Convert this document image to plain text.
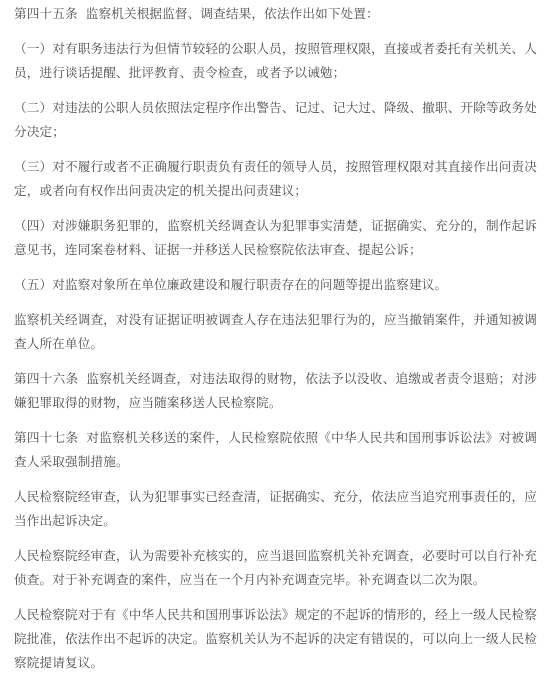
第四十五条 监察机关根据监督、调查结果，依法作出如下处置：

（一）对有职务违法行为但情节较轻的公职人员，按照管理权限，直接或者委托有关机关、人员，进行谈话提醒、批评教育、责令检查，或者予以诫勉；

（二）对违法的公职人员依照法定程序作出警告、记过、记大过、降级、撤职、开除等政务处分决定；

（三）对不履行或者不正确履行职责负有责任的领导人员，按照管理权限对其直接作出问责决定，或者向有权作出问责决定的机关提出问责建议；

（四）对涉嫌职务犯罪的，监察机关经调查认为犯罪事实清楚，证据确实、充分的，制作起诉意见书，连同案卷材料、证据一并移送人民检察院依法审查、提起公诉；

（五）对监察对象所在单位廉政建设和履行职责存在的问题等提出监察建议。

监察机关经调查，对没有证据证明被调查人存在违法犯罪行为的，应当撤销案件，并通知被调查人所在单位。

第四十六条 监察机关经调查，对违法取得的财物，依法予以没收、追缴或者责令退赔；对涉嫌犯罪取得的财物，应当随案移送人民检察院。

第四十七条 对监察机关移送的案件，人民检察院依照《中华人民共和国刑事诉讼法》对被调查人采取强制措施。

人民检察院经审查，认为犯罪事实已经查清，证据确实、充分，依法应当追究刑事责任的，应当作出起诉决定。

人民检察院经审查，认为需要补充核实的，应当退回监察机关补充调查，必要时可以自行补充侦查。对于补充调查的案件，应当在一个月内补充调查完毕。补充调查以二次为限。

人民检察院对于有《中华人民共和国刑事诉讼法》规定的不起诉的情形的，经上一级人民检察院批准，依法作出不起诉的决定。监察机关认为不起诉的决定有错误的，可以向上一级人民检察院提请复议。
